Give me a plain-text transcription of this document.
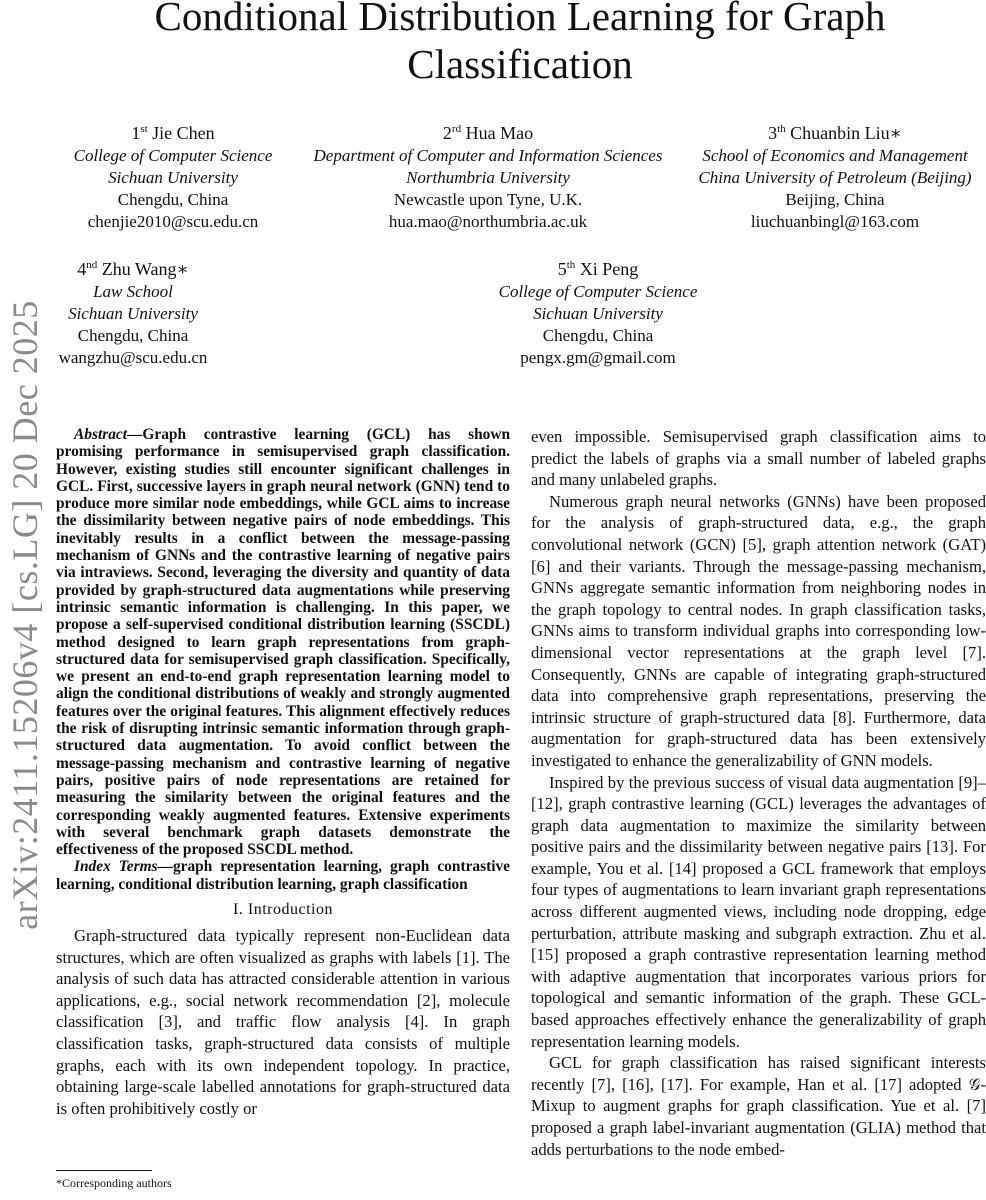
Conditional Distribution Learning for Graph Classification
1st Jie Chen
College of Computer Science
Sichuan University
Chengdu, China
chenjie2010@scu.edu.cn
2rd Hua Mao
Department of Computer and Information Sciences
Northumbria University
Newcastle upon Tyne, U.K.
hua.mao@northumbria.ac.uk
3th Chuanbin Liu∗
School of Economics and Management
China University of Petroleum (Beijing)
Beijing, China
liuchuanbingl@163.com
4nd Zhu Wang∗
Law School
Sichuan University
Chengdu, China
wangzhu@scu.edu.cn
5th Xi Peng
College of Computer Science
Sichuan University
Chengdu, China
pengx.gm@gmail.com
arXiv:2411.15206v4 [cs.LG] 20 Dec 2025	Abstract—Graph contrastive learning (GCL) has shown promising performance in semisupervised graph classification. However, existing studies still encounter significant challenges in GCL. First, successive layers in graph neural network (GNN) tend to produce more similar node embeddings, while GCL aims to increase the dissimilarity between negative pairs of node embeddings. This inevitably results in a conflict between the message-passing mechanism of GNNs and the contrastive learning of negative pairs via intraviews. Second, leveraging the diversity and quantity of data provided by graph-structured data augmentations while preserving intrinsic semantic information is challenging. In this paper, we propose a self-supervised conditional distribution learning (SSCDL) method designed to learn graph representations from graph-structured data for semisupervised graph classification. Specifically, we present an end-to-end graph representation learning model to align the conditional distributions of weakly and strongly augmented features over the original features. This alignment effectively reduces the risk of disrupting intrinsic semantic information through graph-structured data augmentation. To avoid conflict between the message-passing mechanism and contrastive learning of negative pairs, positive pairs of node representations are retained for measuring the similarity between the original features and the corresponding weakly augmented features. Extensive experiments with several benchmark graph datasets demonstrate the effectiveness of the proposed SSCDL method.

Index Terms—graph representation learning, graph contrastive learning, conditional distribution learning, graph classification

I. Introduction

Graph-structured data typically represent non-Euclidean data structures, which are often visualized as graphs with labels [1]. The analysis of such data has attracted considerable attention in various applications, e.g., social network recommendation [2], molecule classification [3], and traffic flow analysis [4]. In graph classification tasks, graph-structured data consists of multiple graphs, each with its own independent topology. In practice, obtaining large-scale labelled annotations for graph-structured data is often prohibitively costly or

even impossible. Semisupervised graph classification aims to predict the labels of graphs via a small number of labeled graphs and many unlabeled graphs.

Numerous graph neural networks (GNNs) have been proposed for the analysis of graph-structured data, e.g., the graph convolutional network (GCN) [5], graph attention network (GAT) [6] and their variants. Through the message-passing mechanism, GNNs aggregate semantic information from neighboring nodes in the graph topology to central nodes. In graph classification tasks, GNNs aims to transform individual graphs into corresponding low-dimensional vector representations at the graph level [7]. Consequently, GNNs are capable of integrating graph-structured data into comprehensive graph representations, preserving the intrinsic structure of graph-structured data [8]. Furthermore, data augmentation for graph-structured data has been extensively investigated to enhance the generalizability of GNN models.

Inspired by the previous success of visual data augmentation [9]–[12], graph contrastive learning (GCL) leverages the advantages of graph data augmentation to maximize the similarity between positive pairs and the dissimilarity between negative pairs [13]. For example, You et al. [14] proposed a GCL framework that employs four types of augmentations to learn invariant graph representations across different augmented views, including node dropping, edge perturbation, attribute masking and subgraph extraction. Zhu et al. [15] proposed a graph contrastive representation learning method with adaptive augmentation that incorporates various priors for topological and semantic information of the graph. These GCL-based approaches effectively enhance the generalizability of graph representation learning models.

GCL for graph classification has raised significant interests recently [7], [16], [17]. For example, Han et al. [17] adopted 𝒢-Mixup to augment graphs for graph classification. Yue et al. [7] proposed a graph label-invariant augmentation (GLIA) method that adds perturbations to the node embed-

*Corresponding authors
